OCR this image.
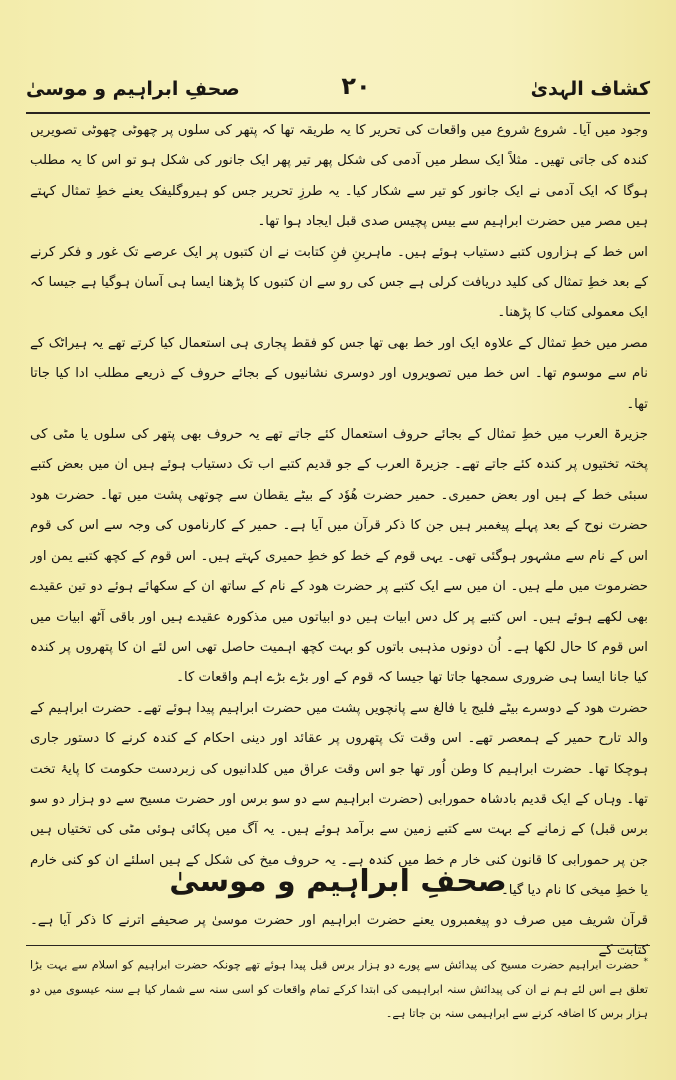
کشاف الہدیٰ
۲۰
صحفِ ابراہیم و موسیٰ

وجود میں آیا۔ شروع شروع میں واقعات کی تحریر کا یہ طریقہ تھا کہ پتھر کی سلوں پر چھوٹی چھوٹی تصویریں کندہ کی جاتی تھیں۔ مثلاً ایک سطر میں آدمی کی شکل پھر تیر پھر ایک جانور کی شکل ہو تو اس کا یہ مطلب ہوگا کہ ایک آدمی نے ایک جانور کو تیر سے شکار کیا۔ یہ طرزِ تحریر جس کو ہیروگلیفک یعنے خطِ تمثال کہتے ہیں مصر میں حضرت ابراہیم سے بیس پچیس صدی قبل ایجاد ہوا تھا۔

اس خط کے ہزاروں کتبے دستیاب ہوئے ہیں۔ ماہرینِ فنِ کتابت نے ان کتبوں پر ایک عرصے تک غور و فکر کرنے کے بعد خطِ تمثال کی کلید دریافت کرلی ہے جس کی رو سے ان کتبوں کا پڑھنا ایسا ہی آسان ہوگیا ہے جیسا کہ ایک معمولی کتاب کا پڑھنا۔

مصر میں خطِ تمثال کے علاوہ ایک اور خط بھی تھا جس کو فقط پجاری ہی استعمال کیا کرتے تھے یہ ہیراٹک کے نام سے موسوم تھا۔ اس خط میں تصویروں اور دوسری نشانیوں کے بجائے حروف کے ذریعے مطلب ادا کیا جاتا تھا۔

جزیرۃ العرب میں خطِ تمثال کے بجائے حروف استعمال کئے جاتے تھے یہ حروف بھی پتھر کی سلوں یا مٹی کی پختہ تختیوں پر کندہ کئے جاتے تھے۔ جزیرۃ العرب کے جو قدیم کتبے اب تک دستیاب ہوئے ہیں ان میں بعض کتبے سبئی خط کے ہیں اور بعض حمیری۔ حمیر حضرت ھُوٗد کے بیٹے یقطان سے چوتھی پشت میں تھا۔ حضرت ھود حضرت نوح کے بعد پہلے پیغمبر ہیں جن کا ذکر قرآن میں آیا ہے۔ حمیر کے کارناموں کی وجہ سے اس کی قوم اس کے نام سے مشہور ہوگئی تھی۔ یہی قوم کے خط کو خطِ حمیری کہتے ہیں۔ اس قوم کے کچھ کتبے یمن اور حضرموت میں ملے ہیں۔ ان میں سے ایک کتبے پر حضرت ھود کے نام کے ساتھ ان کے سکھائے ہوئے دو تین عقیدے بھی لکھے ہوئے ہیں۔ اس کتبے پر کل دس ابیات ہیں دو ابیاتوں میں مذکورہ عقیدے ہیں اور باقی آٹھ ابیات میں اس قوم کا حال لکھا ہے۔ اُن دونوں مذہبی باتوں کو بہت کچھ اہمیت حاصل تھی اس لئے ان کا پتھروں پر کندہ کیا جانا ایسا ہی ضروری سمجھا جاتا تھا جیسا کہ قوم کے اور بڑے بڑے اہم واقعات کا۔

حضرت ھود کے دوسرے بیٹے فلیج یا فالغ سے پانچویں پشت میں حضرت ابراہیم پیدا ہوئے تھے۔ حضرت ابراہیم کے والد تارح حمیر کے ہمعصر تھے۔ اس وقت تک پتھروں پر عقائد اور دینی احکام کے کندہ کرنے کا دستور جاری ہوچکا تھا۔ حضرت ابراہیم کا وطن اُور تھا جو اس وقت عراق میں کلدانیوں کی زبردست حکومت کا پایۂ تخت تھا۔ وہاں کے ایک قدیم بادشاہ حمورابی (حضرت ابراہیم سے دو سو برس اور حضرت مسیح سے دو ہزار دو سو برس قبل) کے زمانے کے بہت سے کتبے زمین سے برآمد ہوئے ہیں۔ یہ آگ میں پکائی ہوئی مٹی کی تختیاں ہیں جن پر حمورابی کا قانون کنی خار م خط میں کندہ ہے۔ یہ حروف میخ کی شکل کے ہیں اسلئے ان کو کنی خارم یا خطِ میخی کا نام دیا گیا۔

صحفِ ابراہیم و موسیٰ
قرآن شریف میں صرف دو پیغمبروں یعنے حضرت ابراہیم اور حضرت موسیٰ پر صحیفے اترنے کا ذکر آیا ہے۔ کتابت کے
* حضرت ابراہیم حضرت مسیح کی پیدائش سے پورے دو ہزار برس قبل پیدا ہوئے تھے چونکہ حضرت ابراہیم کو اسلام سے بہت بڑا تعلق ہے اس لئے ہم نے ان کی پیدائش سنہ ابراہیمی کی ابتدا کرکے تمام واقعات کو اسی سنہ سے شمار کیا ہے سنہ عیسوی میں دو ہزار برس کا اضافہ کرنے سے ابراہیمی سنہ بن جاتا ہے۔
